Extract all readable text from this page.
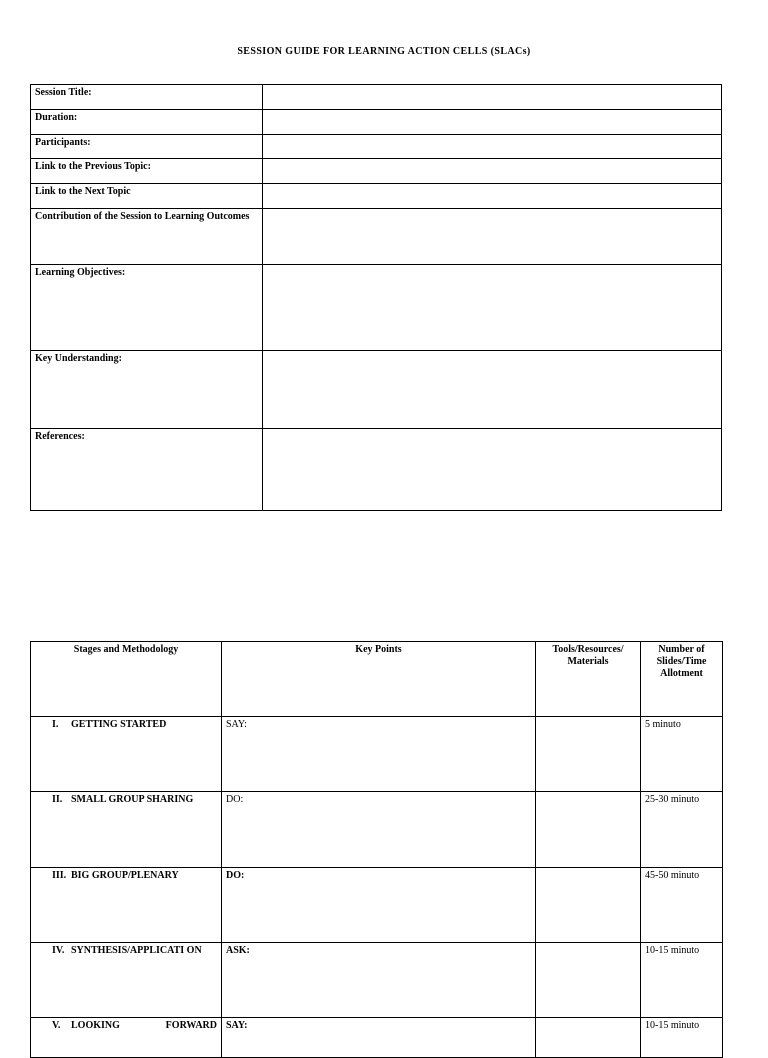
SESSION GUIDE FOR LEARNING ACTION CELLS (SLACs)
Session Title:	
Duration:	
Participants:	
Link to the Previous Topic:	
Link to the Next Topic	
Contribution of the Session to Learning Outcomes	
Learning Objectives:	
Key Understanding:	
References:	
Stages and Methodology	Key Points	Tools/Resources/ Materials	Number of Slides/Time Allotment

I. GETTING STARTED	SAY:		5 minuto

II. SMALL GROUP SHARING	DO:		25-30 minuto

III. BIG GROUP/PLENARY	DO:		45-50 minuto

IV. SYNTHESIS/APPLICATI ON	ASK:		10-15 minuto

V. LOOKING FORWARD	SAY:		10-15 minuto
